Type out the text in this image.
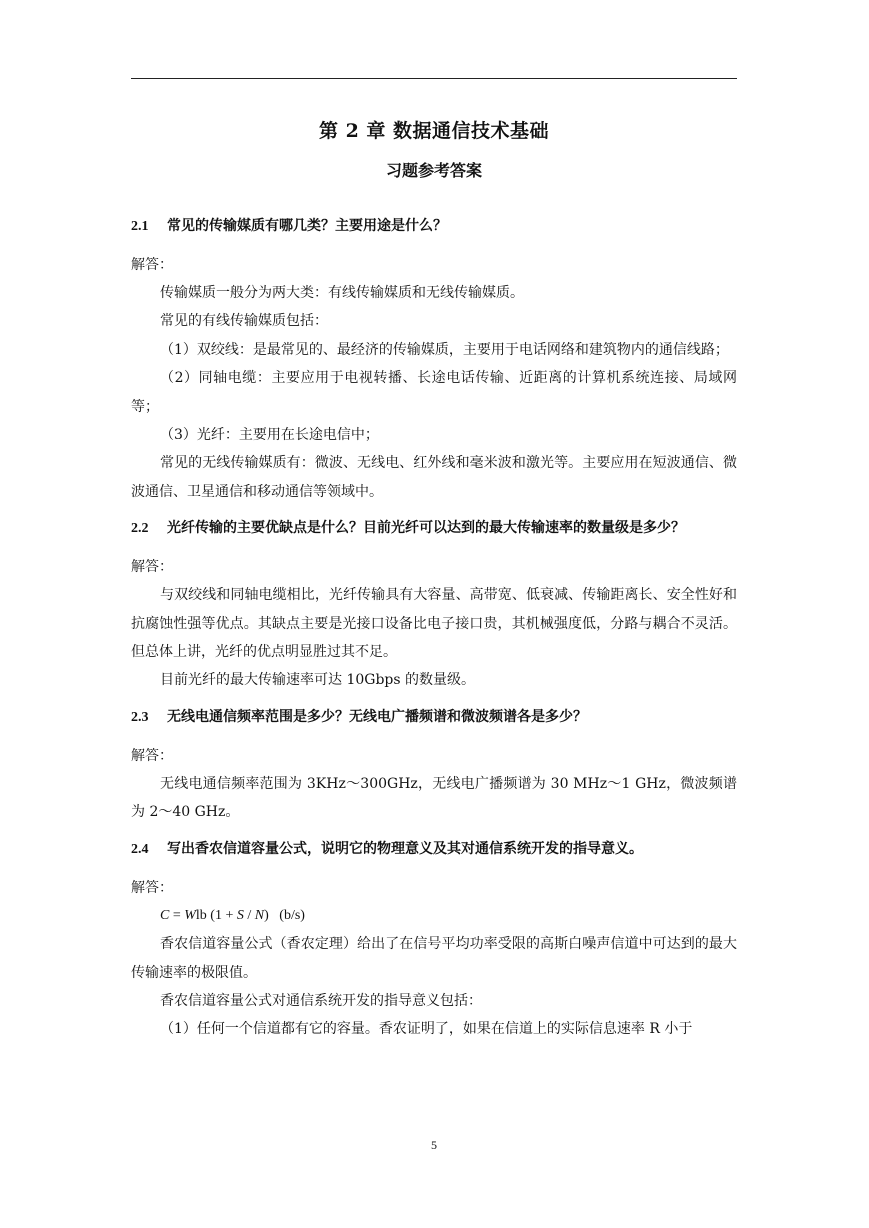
第 2 章 数据通信技术基础
习题参考答案
2.1 常见的传输媒质有哪几类？主要用途是什么？
解答：

传输媒质一般分为两大类：有线传输媒质和无线传输媒质。

常见的有线传输媒质包括：

（1）双绞线：是最常见的、最经济的传输媒质，主要用于电话网络和建筑物内的通信线路；

（2）同轴电缆：主要应用于电视转播、长途电话传输、近距离的计算机系统连接、局域网等；

（3）光纤：主要用在长途电信中；

常见的无线传输媒质有：微波、无线电、红外线和毫米波和激光等。主要应用在短波通信、微波通信、卫星通信和移动通信等领域中。

2.2 光纤传输的主要优缺点是什么？目前光纤可以达到的最大传输速率的数量级是多少？
解答：

与双绞线和同轴电缆相比，光纤传输具有大容量、高带宽、低衰减、传输距离长、安全性好和抗腐蚀性强等优点。其缺点主要是光接口设备比电子接口贵，其机械强度低，分路与耦合不灵活。但总体上讲，光纤的优点明显胜过其不足。

目前光纤的最大传输速率可达 10Gbps 的数量级。

2.3 无线电通信频率范围是多少？无线电广播频谱和微波频谱各是多少？
解答：

无线电通信频率范围为 3KHz～300GHz，无线电广播频谱为 30 MHz～1 GHz，微波频谱为 2～40 GHz。

2.4 写出香农信道容量公式，说明它的物理意义及其对通信系统开发的指导意义。
解答：

C = Wlb (1 + S / N) (b/s)

香农信道容量公式（香农定理）给出了在信号平均功率受限的高斯白噪声信道中可达到的最大传输速率的极限值。

香农信道容量公式对通信系统开发的指导意义包括：

（1）任何一个信道都有它的容量。香农证明了，如果在信道上的实际信息速率 R 小于

5
